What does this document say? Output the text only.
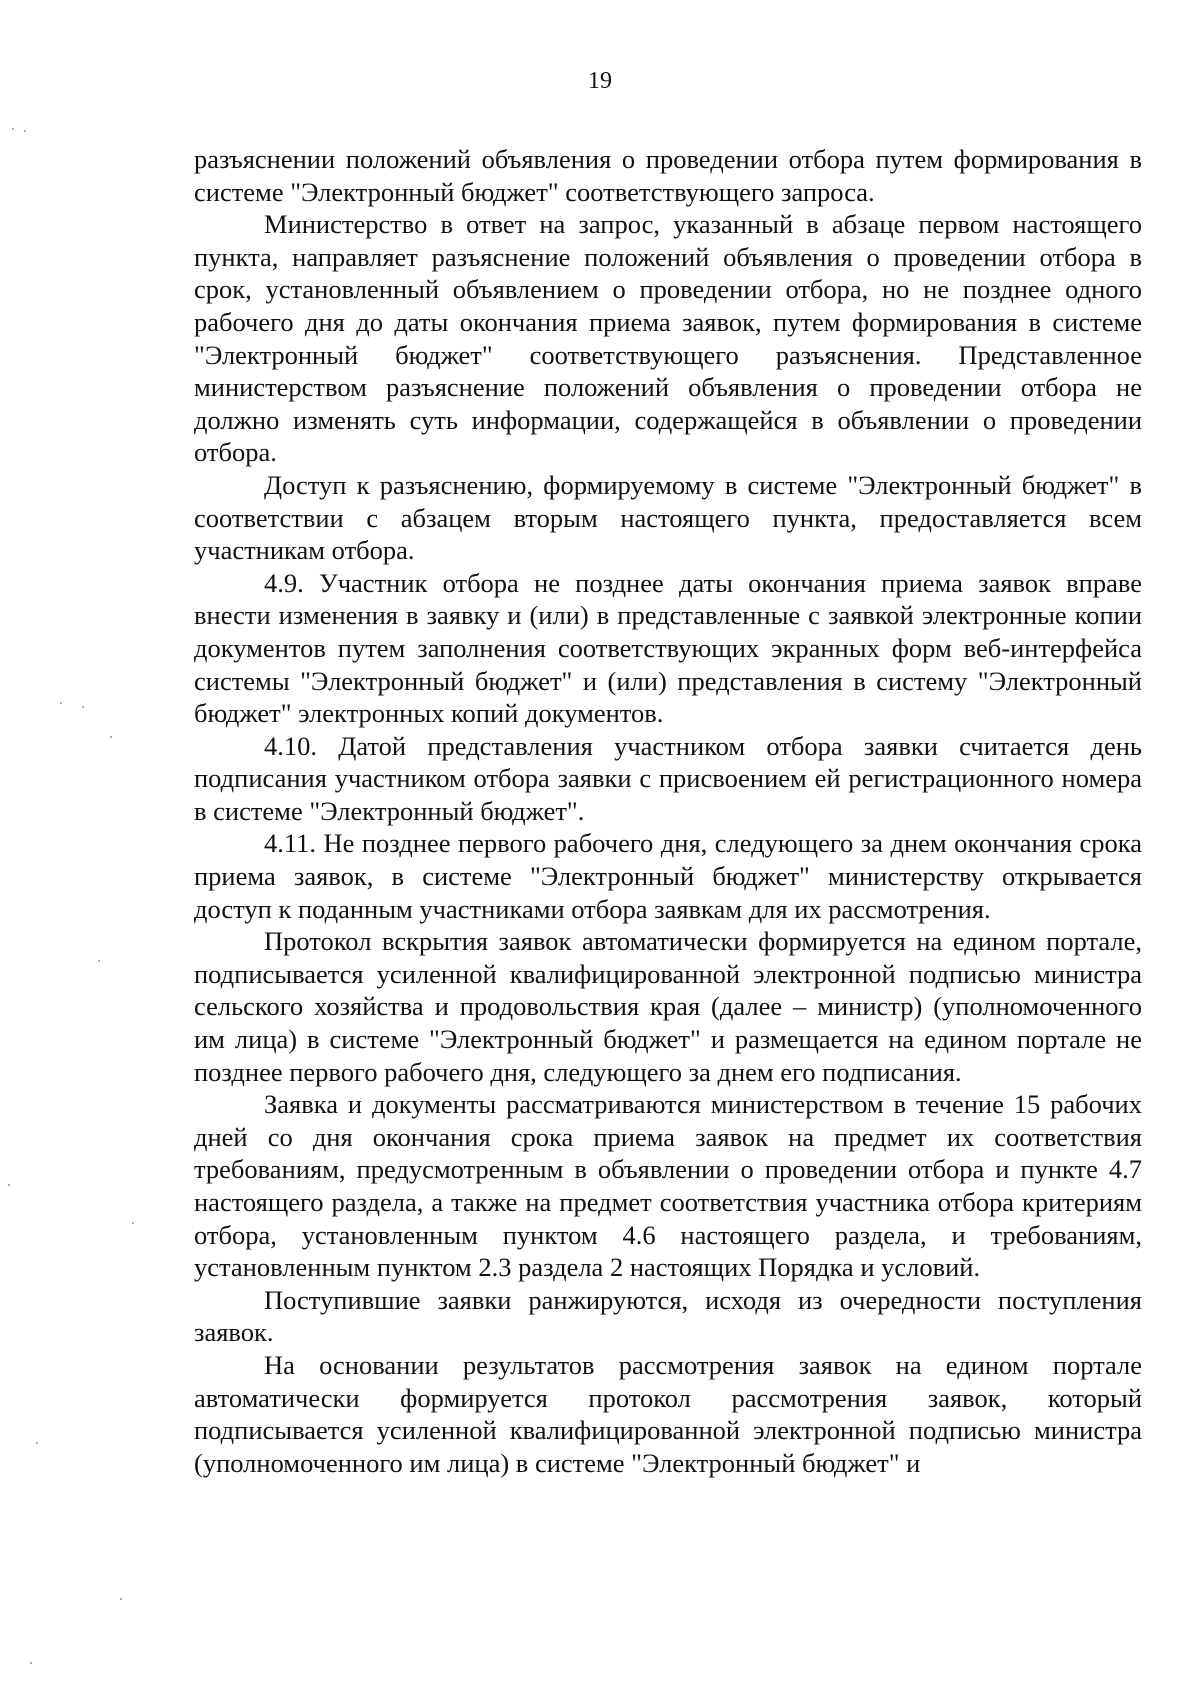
19

разъяснении положений объявления о проведении отбора путем формирования в системе "Электронный бюджет" соответствующего запроса.

Министерство в ответ на запрос, указанный в абзаце первом настоящего пункта, направляет разъяснение положений объявления о проведении отбора в срок, установленный объявлением о проведении отбора, но не позднее одного рабочего дня до даты окончания приема заявок, путем формирования в системе "Электронный бюджет" соответствующего разъяснения. Представленное министерством разъяснение положений объявления о проведении отбора не должно изменять суть информации, содержащейся в объявлении о проведении отбора.

Доступ к разъяснению, формируемому в системе "Электронный бюджет" в соответствии с абзацем вторым настоящего пункта, предоставляется всем участникам отбора.

4.9. Участник отбора не позднее даты окончания приема заявок вправе внести изменения в заявку и (или) в представленные с заявкой электронные копии документов путем заполнения соответствующих экранных форм веб-интерфейса системы "Электронный бюджет" и (или) представления в систему "Электронный бюджет" электронных копий документов.

4.10. Датой представления участником отбора заявки считается день подписания участником отбора заявки с присвоением ей регистрационного номера в системе "Электронный бюджет".

4.11. Не позднее первого рабочего дня, следующего за днем окончания срока приема заявок, в системе "Электронный бюджет" министерству открывается доступ к поданным участниками отбора заявкам для их рассмотрения.

Протокол вскрытия заявок автоматически формируется на едином портале, подписывается усиленной квалифицированной электронной подписью министра сельского хозяйства и продовольствия края (далее – министр) (уполномоченного им лица) в системе "Электронный бюджет" и размещается на едином портале не позднее первого рабочего дня, следующего за днем его подписания.

Заявка и документы рассматриваются министерством в течение 15 рабочих дней со дня окончания срока приема заявок на предмет их соответствия требованиям, предусмотренным в объявлении о проведении отбора и пункте 4.7 настоящего раздела, а также на предмет соответствия участника отбора критериям отбора, установленным пунктом 4.6 настоящего раздела, и требованиям, установленным пунктом 2.3 раздела 2 настоящих Порядка и условий.

Поступившие заявки ранжируются, исходя из очередности поступления заявок.

На основании результатов рассмотрения заявок на едином портале автоматически формируется протокол рассмотрения заявок, который подписывается усиленной квалифицированной электронной подписью министра (уполномоченного им лица) в системе "Электронный бюджет" и
